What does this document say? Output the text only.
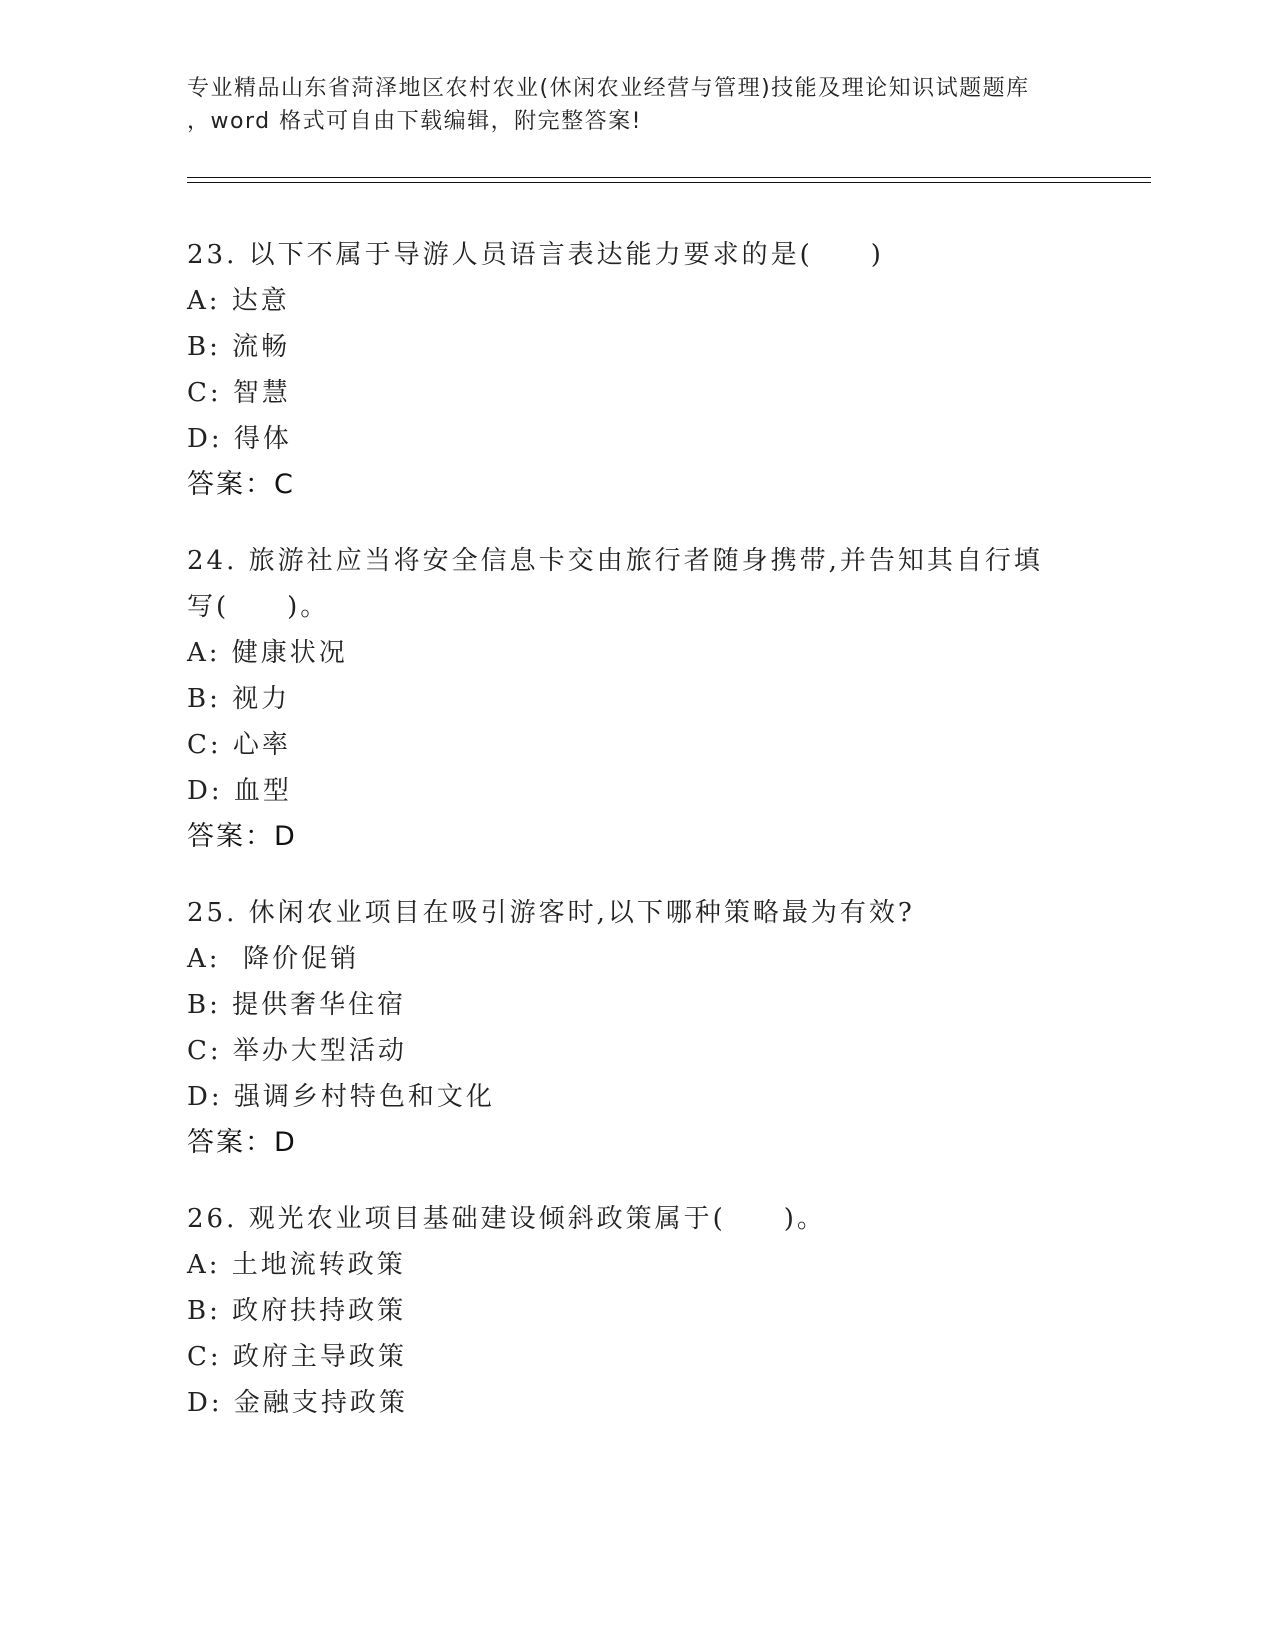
专业精品山东省菏泽地区农村农业(休闲农业经营与管理)技能及理论知识试题题库
，word 格式可自由下载编辑，附完整答案!
23. 以下不属于导游人员语言表达能力要求的是(　　)
A: 达意
B: 流畅
C: 智慧
D: 得体
答案：C
24. 旅游社应当将安全信息卡交由旅行者随身携带,并告知其自行填写(　　)。
A: 健康状况
B: 视力
C: 心率
D: 血型
答案：D
25. 休闲农业项目在吸引游客时,以下哪种策略最为有效?
A:  降价促销
B: 提供奢华住宿
C: 举办大型活动
D: 强调乡村特色和文化
答案：D
26. 观光农业项目基础建设倾斜政策属于(　　)。
A: 土地流转政策
B: 政府扶持政策
C: 政府主导政策
D: 金融支持政策
